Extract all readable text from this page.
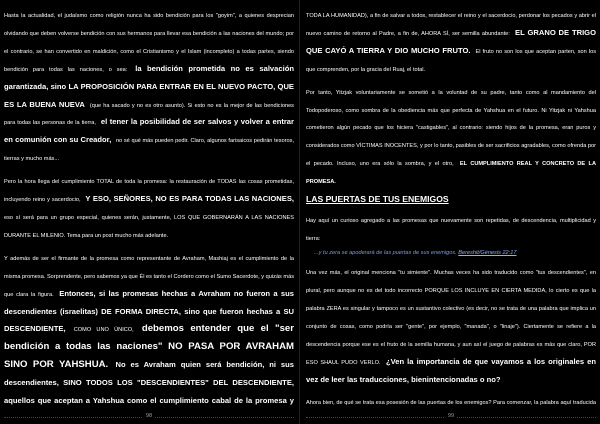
Hasta la actualidad, el judaísmo como religión nunca ha sido bendición para los "goyim", a quienes desprecian olvidando que deben volverse bendición con sus hermanos para llevar esa bendición a las naciones del mundo; por el contrario, se han convertido en maldición, como el Cristianismo y el Islam (incompleto) a todas partes, siendo bendición para todas las naciones, o sea: la bendición prometida no es salvación garantizada, sino LA PROPOSICIÓN PARA ENTRAR EN EL NUEVO PACTO, QUE ES LA BUENA NUEVA (que ha sacado y no es otro asunto). Si esto no es la mejor de las bendiciones para todas las personas de la tierra, el tener la posibilidad de ser salvos y volver a entrar en comunión con su Creador, no sé qué más pueden pedir. Claro, algunos farisaicos pedirán tesoros, tierras y mucho más...

Pero la hora llega del cumplimiento TOTAL de toda la promesa: la restauración de TODAS las cosas prometidas, incluyendo reino y sacerdocio, Y ESO, SEÑORES, NO ES PARA TODAS LAS NACIONES, eso sí será para un grupo especial, quienes serán, justamente, LOS QUE GOBERNARÁN A LAS NACIONES DURANTE EL MILENIO. Tema para un post mucho más adelante.

Y además de ser el firmante de la promesa como representante de Avraham, Mashiaj es el cumplimiento de la misma promesa. Sorprendente, pero sabemos ya que Él es tanto el Cordero como el Sumo Sacerdote, y quizás más que clara la figura. Entonces, si las promesas hechas a Avraham no fueron a sus descendientes (israelitas) DE FORMA DIRECTA, sino que fueron hechas a SU DESCENDIENTE, COMO UNO ÚNICO, debemos entender que el "ser bendición a todas las naciones" NO PASA POR AVRAHAM SINO POR YAHSHUA. No es Avraham quien será bendición, ni sus descendientes, SINO TODOS LOS "DESCENDIENTES" DEL DESCENDIENTE, aquellos que aceptan a Yahshua como el cumplimiento cabal de la promesa y

TODA LA HUMANIDAD), a fin de salvar a todos, restablecer el reino y el sacerdocio, perdonar los pecados y abrir el nuevo camino de retorno al Padre, a fin de, AHORA SÍ, ser semilla abundante: EL GRANO DE TRIGO QUE CAYÓ A TIERRA Y DIO MUCHO FRUTO. El fruto no son los que aceptan parten, son los que comprenden, por la gracia del Ruaj, el total.

Por tanto, Yitzjak voluntariamente se sometió a la voluntad de su padre, tanto como al mandamiento del Todopoderoso, como sombra de la obediencia más que perfecta de Yahshua en el futuro. Ni Yitzjak ni Yahshua cometieron algún pecado que los hiciera "castigables", al contrario: siendo hijos de la promesa, eran puros y considerados como VÍCTIMAS INOCENTES, y por lo tanto, pasibles de ser sacrificios agradables, como ofrenda por el pecado. Incluso, uno era sólo la sombra, y el otro, EL CUMPLIMIENTO REAL Y CONCRETO DE LA PROMESA.

LAS PUERTAS DE TUS ENEMIGOS

Hay aquí un curioso agregado a las promesas que nuevamente son repetidas, de descendencia, multiplicidad y tierra:

...y tu zera se apoderará de las puertas de sus enemigos. Bereshit/Génesis 22:17

Una vez más, el original menciona "tu simiente". Muchas veces ha sido traducido como "tus descendientes", en plural, pero aunque no es del todo incorrecto PORQUE LOS INCLUYE EN CIERTA MEDIDA, lo cierto es que la palabra ZERA es singular y tampoco es un sustantivo colectivo (es decir, no se trata de una palabra que implica un conjunto de cosas, como podría ser "gente", por ejemplo, "manada", o "linaje"). Ciertamente se refiere a la descendencia porque ese es el fruto de la semilla humana, y aun así el juego de palabras es más que claro, POR ESO SHAUL PUDO VERLO. ¿Ven la importancia de que vayamos a los originales en vez de leer las traducciones, bienintencionadas o no?

Ahora bien, de qué se trata esa posesión de las puertas de los enemigos? Para comenzar, la palabra aquí traducida

98	99
